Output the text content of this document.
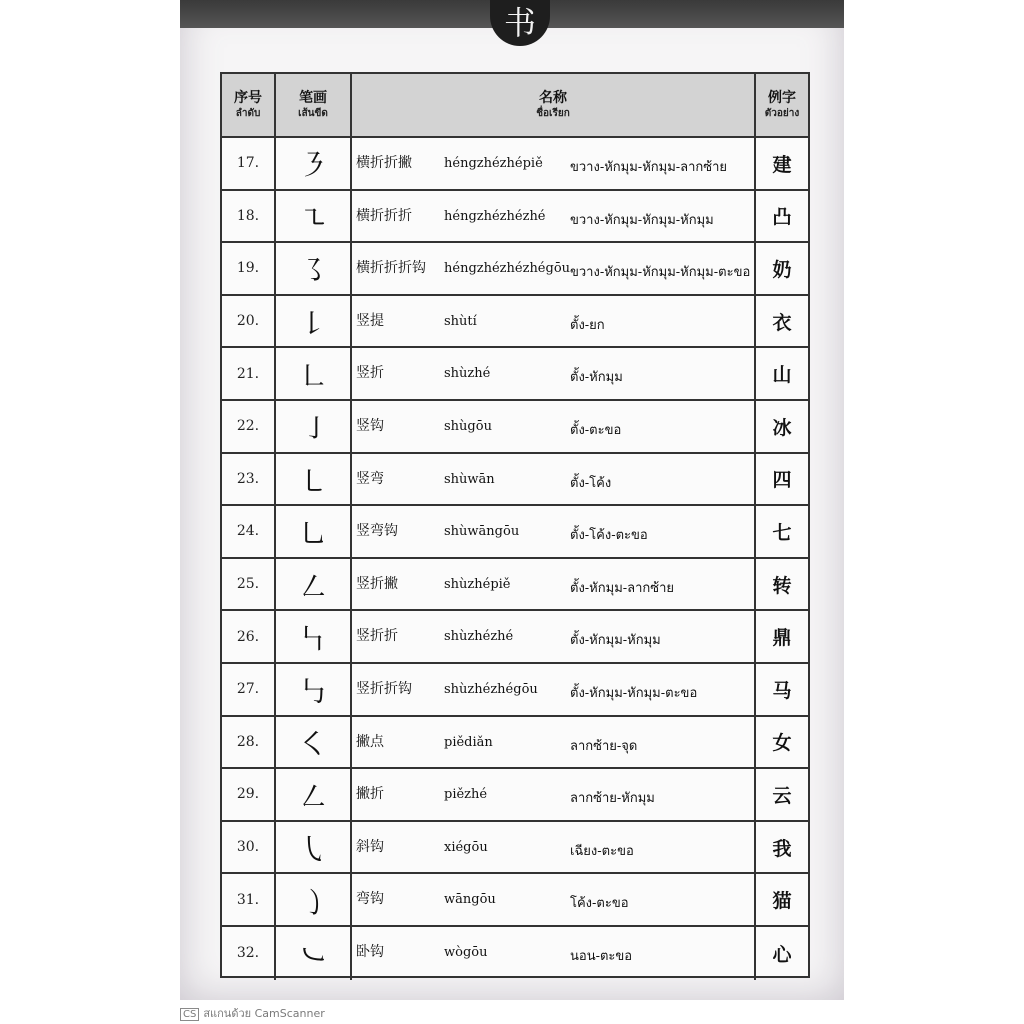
书
序号
ลำดับ
笔画
เส้นขีด
名称
ชื่อเรียก
例字
ตัวอย่าง
17.	㇋	横折折撇 héngzhézhépiě ขวาง-หักมุม-หักมุม-ลากซ้าย	建
18.	㇍	横折折折 héngzhézhézhé ขวาง-หักมุม-หักมุม-หักมุม	凸
19.	㇌	横折折折钩 héngzhézhézhégōu ขวาง-หักมุม-หักมุม-หักมุม-ตะขอ	奶
20.	㇙	竖提	shùtí	ตั้ง-ยก	衣
21.	㇗	竖折	shùzhé	ตั้ง-หักมุม	山
22.	㇚	竖钩	shùgōu	ตั้ง-ตะขอ	冰
23.	㇄	竖弯	shùwān	ตั้ง-โค้ง	四
24.	㇟	竖弯钩	shùwāngōu	ตั้ง-โค้ง-ตะขอ	七
25.	㇜	竖折撇	shùzhépiě	ตั้ง-หักมุม-ลากซ้าย	转
26.	㇞	竖折折	shùzhézhé	ตั้ง-หักมุม-หักมุม	鼎
27.	㇉	竖折折钩 shùzhézhégōu ตั้ง-หักมุม-หักมุม-ตะขอ	马
28.	㇛	撇点	piědiǎn	ลากซ้าย-จุด	女
29.	㇜	撇折	piězhé	ลากซ้าย-หักมุม	云
30.	㇂	斜钩	xiégōu	เฉียง-ตะขอ	我
31.	㇁	弯钩	wāngōu	โค้ง-ตะขอ	猫
32.	㇃	卧钩	wògōu	นอน-ตะขอ	心
CS สแกนด้วย CamScanner
